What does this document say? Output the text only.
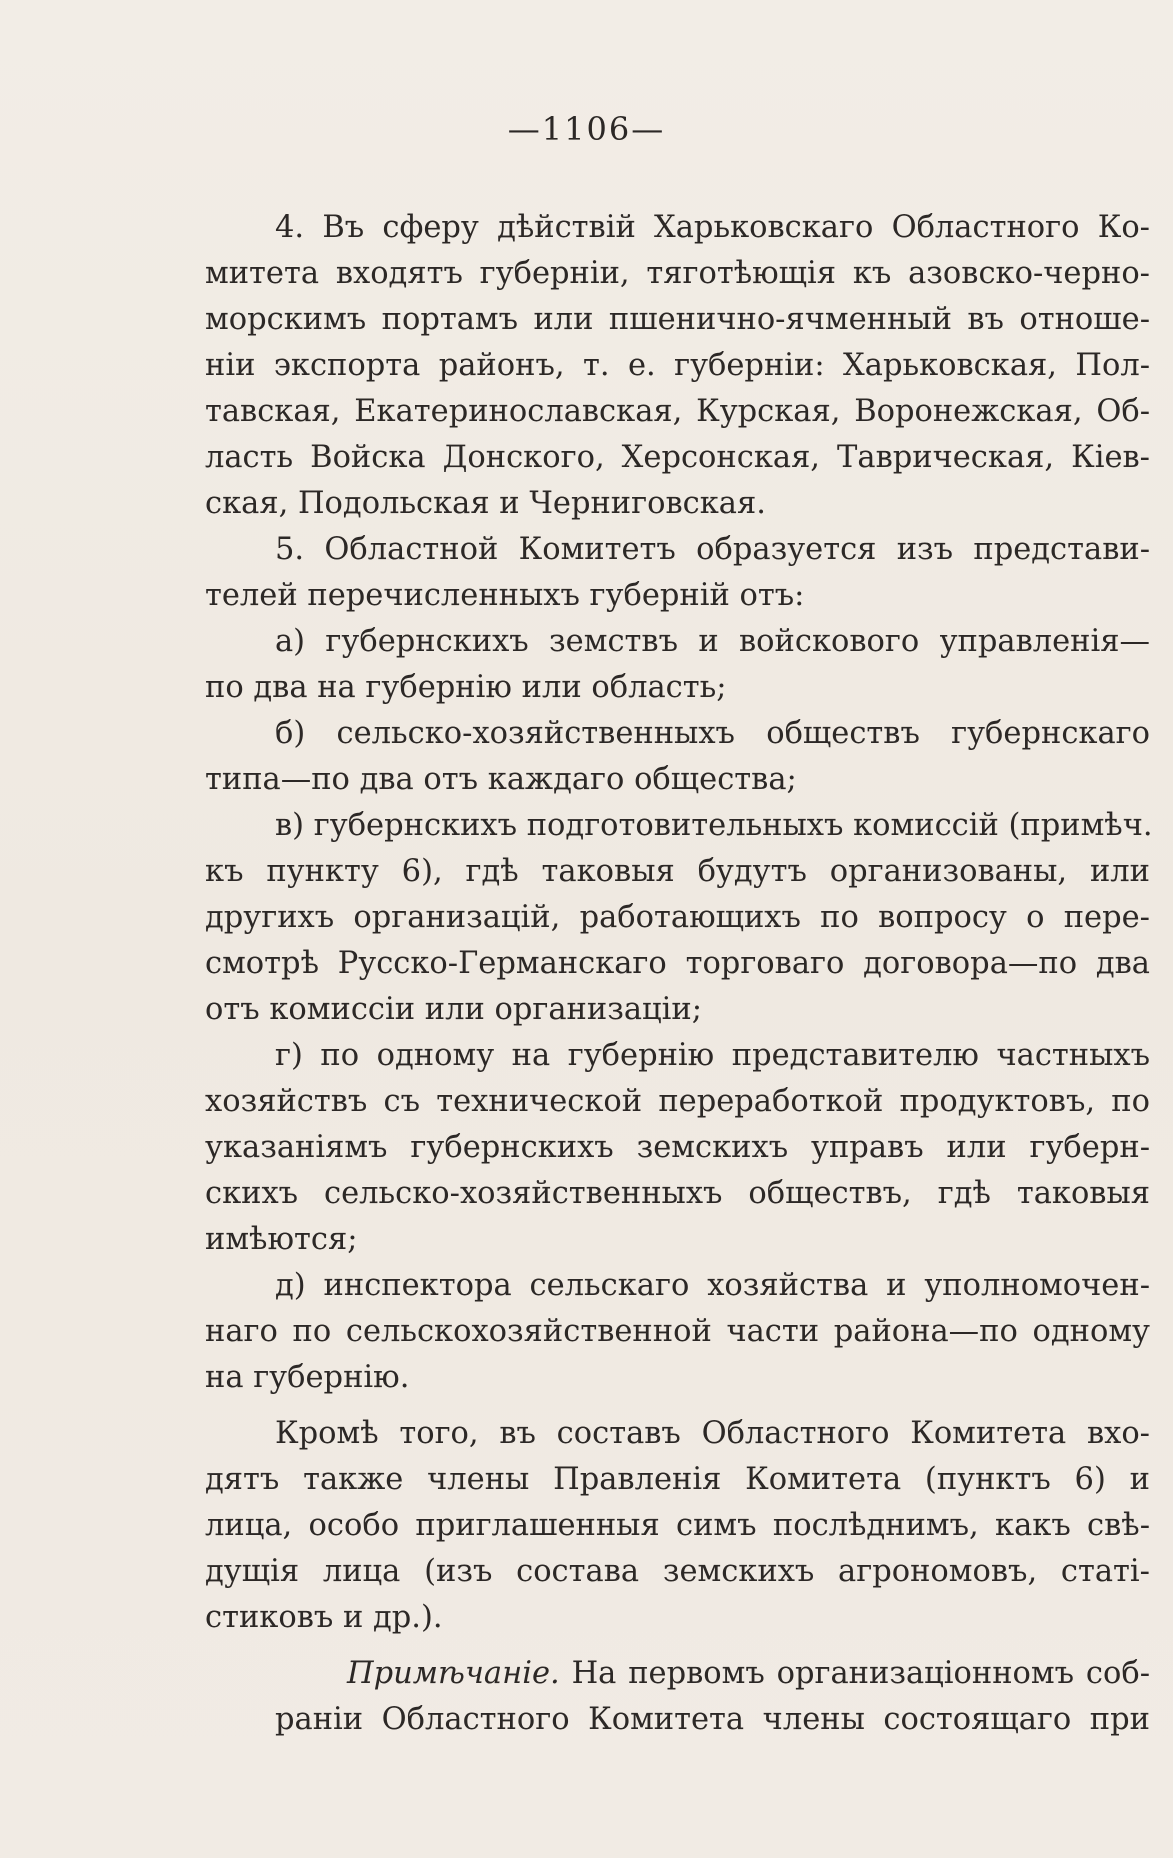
—1106—
4. Въ сферу дѣйствій Харьковскаго Областного Ко-
митета входятъ губерніи, тяготѣющія къ азовско-черно-
морскимъ портамъ или пшенично-ячменный въ отноше-
ніи экспорта районъ, т. е. губерніи: Харьковская, Пол-
тавская, Екатеринославская, Курская, Воронежская, Об-
ласть Войска Донского, Херсонская, Таврическая, Кіев-
ская, Подольская и Черниговская.
5. Областной Комитетъ образуется изъ представи-
телей перечисленныхъ губерній отъ:
а) губернскихъ земствъ и войскового управленія—
по два на губернію или область;
б) сельско-хозяйственныхъ обществъ губернскаго
типа—по два отъ каждаго общества;
в) губернскихъ подготовительныхъ комиссій (примѣч.
къ пункту 6), гдѣ таковыя будутъ организованы, или
другихъ организацій, работающихъ по вопросу о пере-
смотрѣ Русско-Германскаго торговаго договора—по два
отъ комиссіи или организаціи;
г) по одному на губернію представителю частныхъ
хозяйствъ съ технической переработкой продуктовъ, по
указаніямъ губернскихъ земскихъ управъ или губерн-
скихъ сельско-хозяйственныхъ обществъ, гдѣ таковыя
имѣются;
д) инспектора сельскаго хозяйства и уполномочен-
наго по сельскохозяйственной части района—по одному
на губернію.
Кромѣ того, въ составъ Областного Комитета вхо-
дятъ также члены Правленія Комитета (пунктъ 6) и
лица, особо приглашенныя симъ послѣднимъ, какъ свѣ-
дущія лица (изъ состава земскихъ агрономовъ, статі-
стиковъ и др.).
Примѣчаніе. На первомъ организаціонномъ соб-
раніи Областного Комитета члены состоящаго при
